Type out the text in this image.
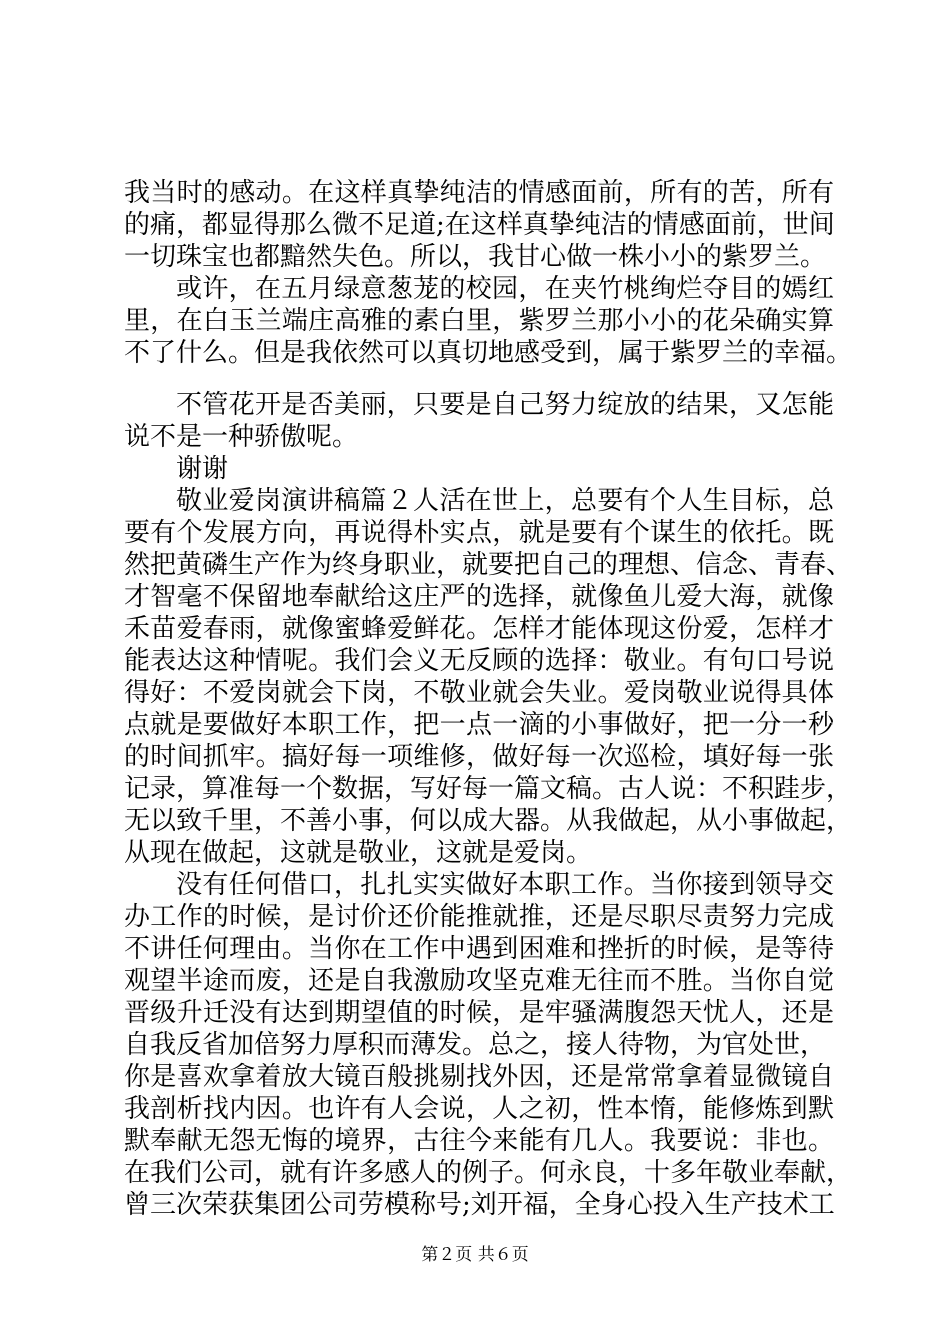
我当时的感动。在这样真挚纯洁的情感面前，所有的苦，所有
的痛，都显得那么微不足道;在这样真挚纯洁的情感面前，世间
一切珠宝也都黯然失色。所以，我甘心做一株小小的紫罗兰。
或许，在五月绿意葱茏的校园，在夹竹桃绚烂夺目的嫣红
里，在白玉兰端庄高雅的素白里，紫罗兰那小小的花朵确实算
不了什么。但是我依然可以真切地感受到，属于紫罗兰的幸福。
不管花开是否美丽，只要是自己努力绽放的结果，又怎能
说不是一种骄傲呢。
谢谢
敬业爱岗演讲稿篇２人活在世上，总要有个人生目标，总
要有个发展方向，再说得朴实点，就是要有个谋生的依托。既
然把黄磷生产作为终身职业，就要把自己的理想、信念、青春、
才智毫不保留地奉献给这庄严的选择，就像鱼儿爱大海，就像
禾苗爱春雨，就像蜜蜂爱鲜花。怎样才能体现这份爱，怎样才
能表达这种情呢。我们会义无反顾的选择：敬业。有句口号说
得好：不爱岗就会下岗，不敬业就会失业。爱岗敬业说得具体
点就是要做好本职工作，把一点一滴的小事做好，把一分一秒
的时间抓牢。搞好每一项维修，做好每一次巡检，填好每一张
记录，算准每一个数据，写好每一篇文稿。古人说：不积跬步，
无以致千里，不善小事，何以成大器。从我做起，从小事做起，
从现在做起，这就是敬业，这就是爱岗。
没有任何借口，扎扎实实做好本职工作。当你接到领导交
办工作的时候，是讨价还价能推就推，还是尽职尽责努力完成
不讲任何理由。当你在工作中遇到困难和挫折的时候，是等待
观望半途而废，还是自我激励攻坚克难无往而不胜。当你自觉
晋级升迁没有达到期望值的时候，是牢骚满腹怨天忧人，还是
自我反省加倍努力厚积而薄发。总之，接人待物，为官处世，
你是喜欢拿着放大镜百般挑剔找外因，还是常常拿着显微镜自
我剖析找内因。也许有人会说，人之初，性本惰，能修炼到默
默奉献无怨无悔的境界，古往今来能有几人。我要说：非也。
在我们公司，就有许多感人的例子。何永良，十多年敬业奉献，
曾三次荣获集团公司劳模称号;刘开福，全身心投入生产技术工
第２页 共６页
